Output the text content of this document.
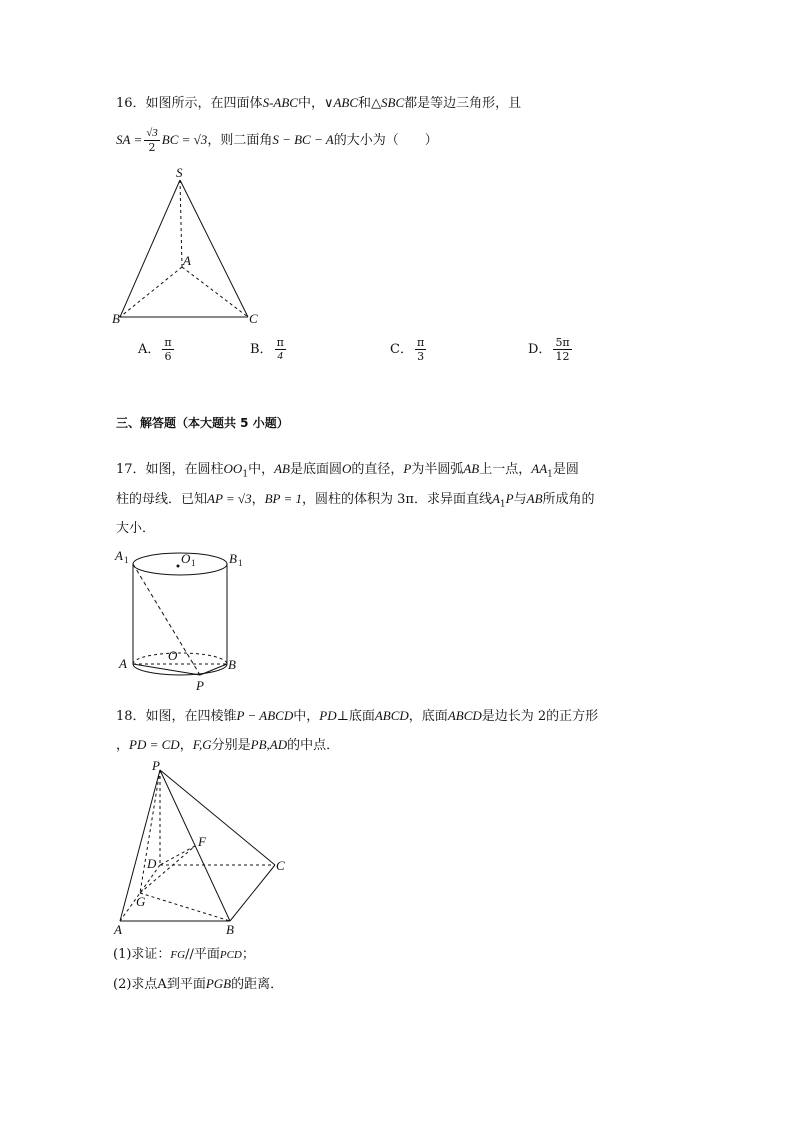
16．如图所示，在四面体S-ABC中，∨ABC和△SBC都是等边三角形，且
SA = $\frac{√3}{2}$ BC = √3，则二面角S − BC − A的大小为（　　）
S
A
B	C
A． $\frac{\pi}{6}$	B． $\frac{\pi}{4}$	C． $\frac{\pi}{3}$	D． $\frac{5\pi}{12}$
三、解答题（本大题共 5 小题）
17．如图，在圆柱$OO_1$中，AB是底面圆O的直径，P为半圆弧AB上一点，$AA_1$是圆
柱的母线．已知AP = √3，BP = 1，圆柱的体积为 3π．求异面直线$A_1P$与AB所成角的
大小．
A 1	O 1	B 1
O
A	B
P
18．如图，在四棱锥P − ABCD中，PD⊥底面ABCD，底面ABCD是边长为 2的正方形
，PD = CD，F,G分别是PB,AD的中点．
P
D
F
C
G
A	B
(1)求证：FG//平面PCD；
(2)求点A到平面PGB的距离．
